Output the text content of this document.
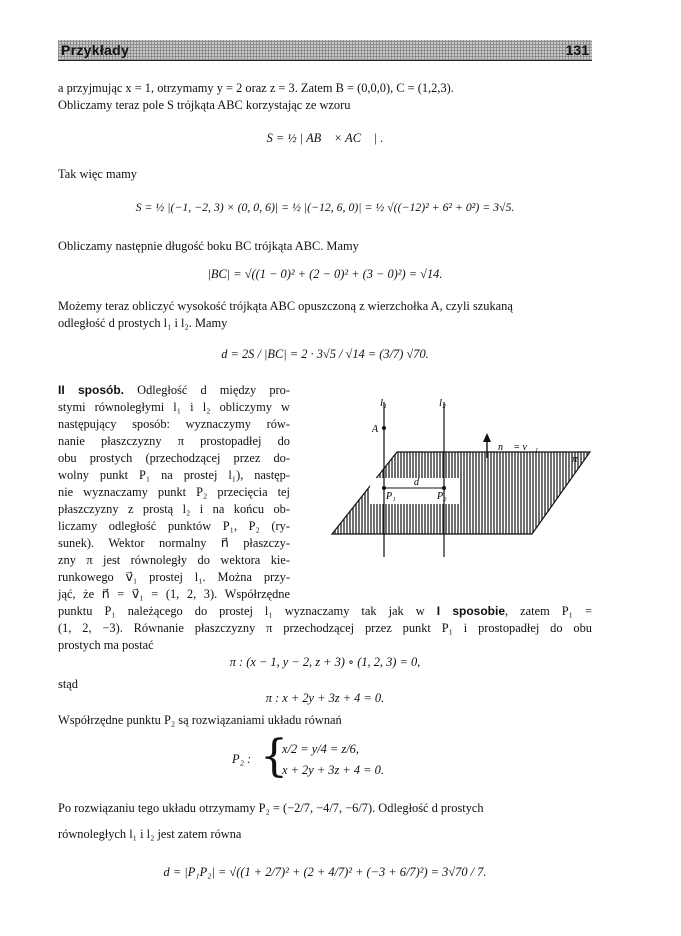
Przykłady	131
a przyjmując x = 1, otrzymamy y = 2 oraz z = 3. Zatem B = (0,0,0), C = (1,2,3).
Obliczamy teraz pole S trójkąta ABC korzystając ze wzoru
S = ½ | AB⃗ × AC⃗ | .
Tak więc mamy
S = ½ |(−1, −2, 3) × (0, 0, 6)| = ½ |(−12, 6, 0)| = ½ √((−12)² + 6² + 0²) = 3√5.
Obliczamy następnie długość boku BC trójkąta ABC. Mamy
|BC| = √((1 − 0)² + (2 − 0)² + (3 − 0)²) = √14.
Możemy teraz obliczyć wysokość trójkąta ABC opuszczoną z wierzchołka A, czyli szukaną
odległość d prostych l₁ i l₂. Mamy
d = 2S / |BC| = 2 · 3√5 / √14 = (3/7) √70.
II sposób. Odległość d między pro-
stymi równoległymi l₁ i l₂ obliczymy w
następujący sposób: wyznaczymy rów-
nanie płaszczyzny π prostopadłej do
obu prostych (przechodzącej przez do-
wolny punkt P₁ na prostej l₁), następ-
nie wyznaczamy punkt P₂ przecięcia tej
płaszczyzny z prostą l₂ i na końcu ob-
liczamy odległość punktów P₁, P₂ (ry-
sunek). Wektor normalny n⃗ płaszczy-
zny π jest równoległy do wektora kie-
runkowego v⃗₁ prostej l₁. Można przy-
jąć, że n⃗ = v⃗₁ = (1, 2, 3). Współrzędne
l₁	l₂
A
P₁	P₂
d
n⃗ = v⃗₁
π
punktu P₁ należącego do prostej l₁ wyznaczamy tak jak w I sposobie, zatem P₁ =
(1, 2, −3). Równanie płaszczyzny π przechodzącej przez punkt P₁ i prostopadłej do obu
prostych ma postać
π : (x − 1, y − 2, z + 3) ∘ (1, 2, 3) = 0,
stąd
π : x + 2y + 3z + 4 = 0.
Współrzędne punktu P₂ są rozwiązaniami układu równań
P₂ : {
x/2 = y/4 = z/6,
x + 2y + 3z + 4 = 0.
Po rozwiązaniu tego układu otrzymamy P₂ = (−2/7, −4/7, −6/7). Odległość d prostych
równoległych l₁ i l₂ jest zatem równa
d = |P₁P₂| = √((1 + 2/7)² + (2 + 4/7)² + (−3 + 6/7)²) = 3√70 / 7.
